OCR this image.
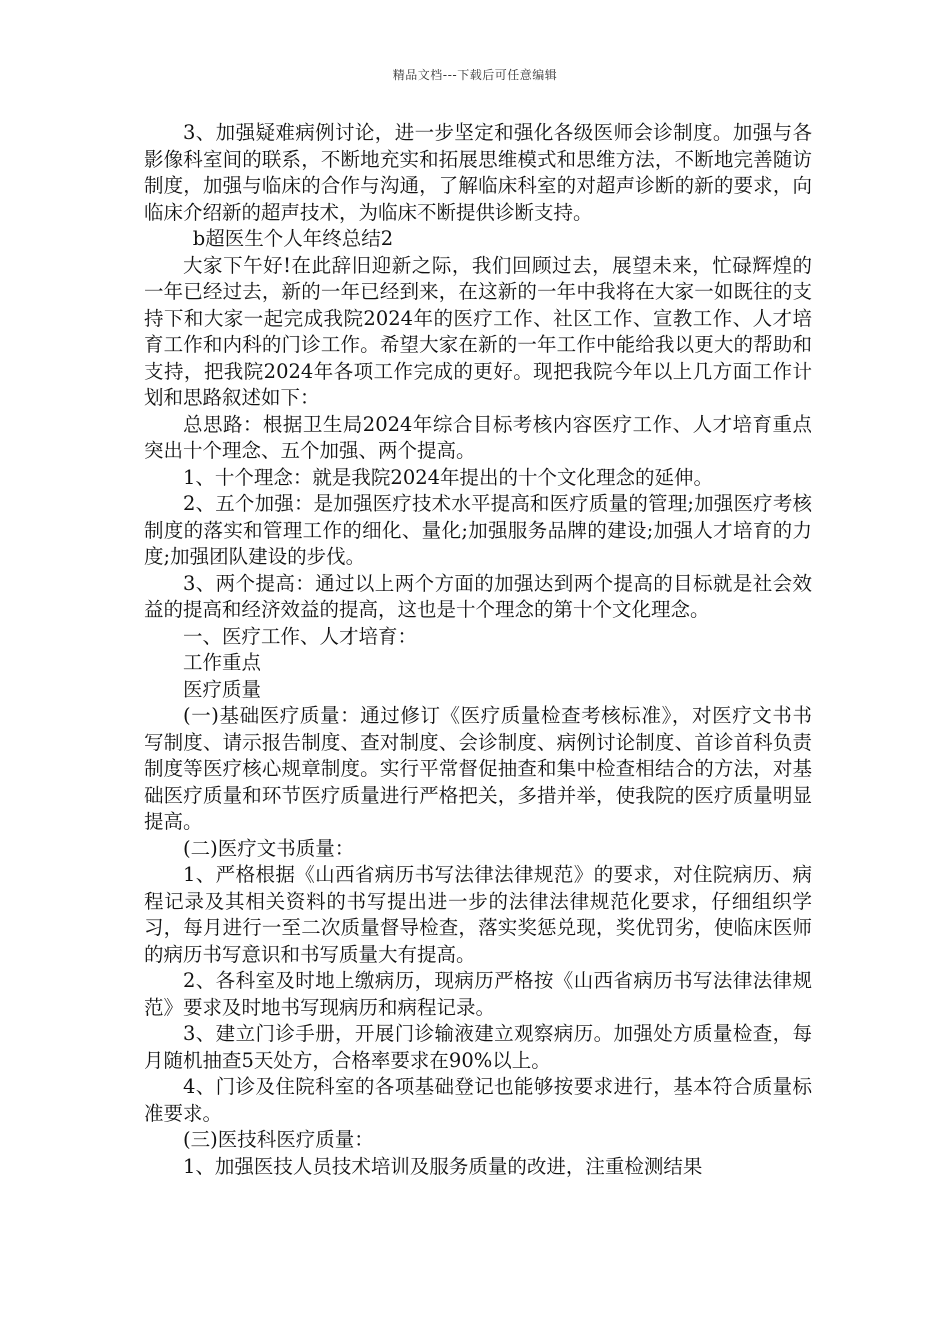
精品文档---下载后可任意编辑

3、加强疑难病例讨论，进一步坚定和强化各级医师会诊制度。加强与各影像科室间的联系，不断地充实和拓展思维模式和思维方法，不断地完善随访制度，加强与临床的合作与沟通，了解临床科室的对超声诊断的新的要求，向临床介绍新的超声技术，为临床不断提供诊断支持。

b超医生个人年终总结2

大家下午好!在此辞旧迎新之际，我们回顾过去，展望未来，忙碌辉煌的一年已经过去，新的一年已经到来，在这新的一年中我将在大家一如既往的支持下和大家一起完成我院2024年的医疗工作、社区工作、宣教工作、人才培育工作和内科的门诊工作。希望大家在新的一年工作中能给我以更大的帮助和支持，把我院2024年各项工作完成的更好。现把我院今年以上几方面工作计划和思路叙述如下：

总思路：根据卫生局2024年综合目标考核内容医疗工作、人才培育重点突出十个理念、五个加强、两个提高。

1、十个理念：就是我院2024年提出的十个文化理念的延伸。

2、五个加强：是加强医疗技术水平提高和医疗质量的管理;加强医疗考核制度的落实和管理工作的细化、量化;加强服务品牌的建设;加强人才培育的力度;加强团队建设的步伐。

3、两个提高：通过以上两个方面的加强达到两个提高的目标就是社会效益的提高和经济效益的提高，这也是十个理念的第十个文化理念。

一、医疗工作、人才培育：

工作重点

医疗质量

(一)基础医疗质量：通过修订《医疗质量检查考核标准》，对医疗文书书写制度、请示报告制度、查对制度、会诊制度、病例讨论制度、首诊首科负责制度等医疗核心规章制度。实行平常督促抽查和集中检查相结合的方法，对基础医疗质量和环节医疗质量进行严格把关，多措并举，使我院的医疗质量明显提高。

(二)医疗文书质量：

1、严格根据《山西省病历书写法律法律规范》的要求，对住院病历、病程记录及其相关资料的书写提出进一步的法律法律规范化要求，仔细组织学习，每月进行一至二次质量督导检查，落实奖惩兑现，奖优罚劣，使临床医师的病历书写意识和书写质量大有提高。

2、各科室及时地上缴病历，现病历严格按《山西省病历书写法律法律规范》要求及时地书写现病历和病程记录。

3、建立门诊手册，开展门诊输液建立观察病历。加强处方质量检查，每月随机抽查5天处方，合格率要求在90%以上。

4、门诊及住院科室的各项基础登记也能够按要求进行，基本符合质量标准要求。

(三)医技科医疗质量：

1、加强医技人员技术培训及服务质量的改进，注重检测结果
